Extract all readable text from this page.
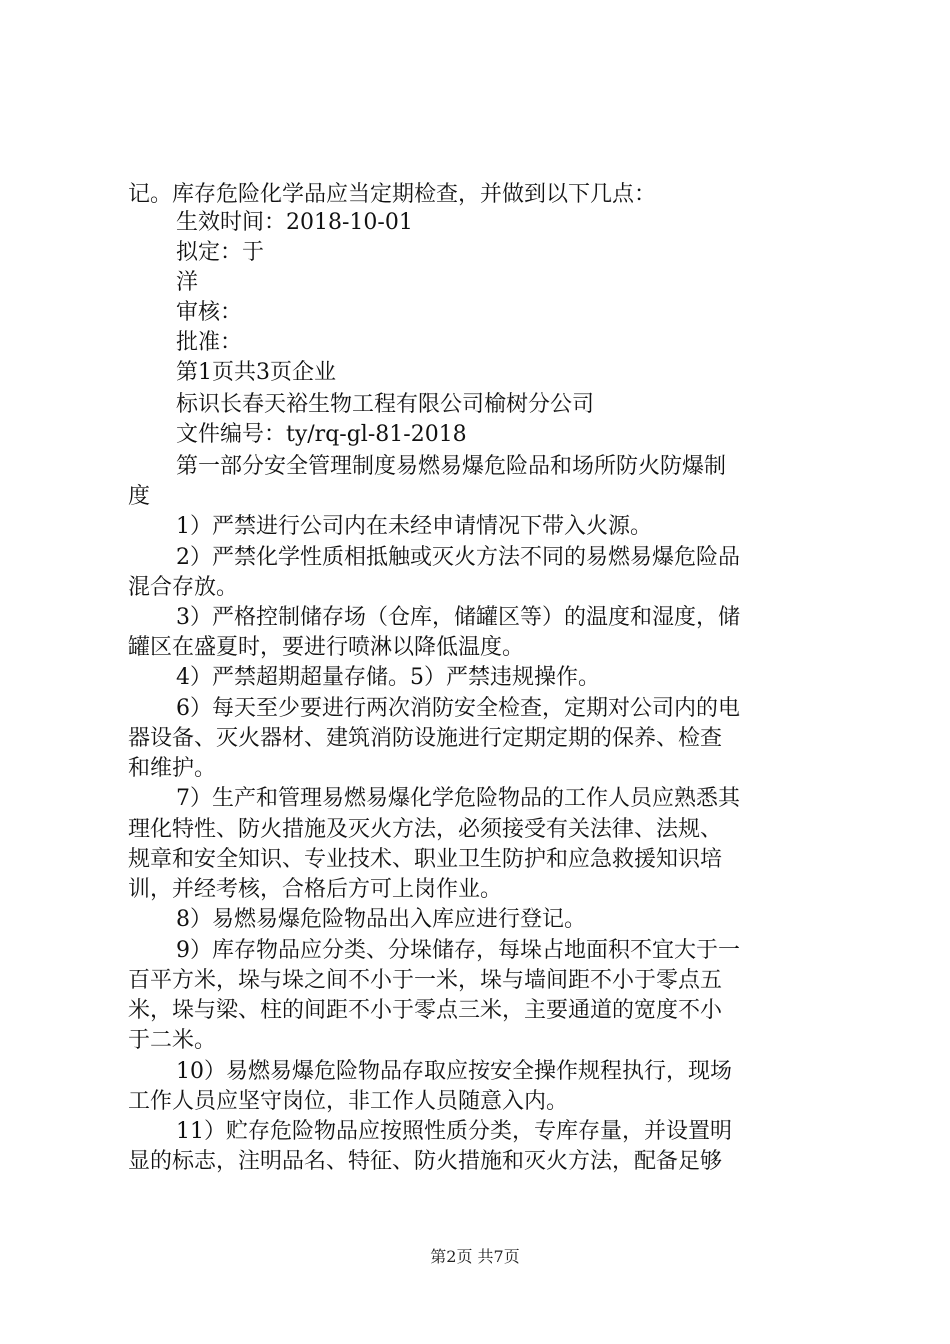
记。库存危险化学品应当定期检查，并做到以下几点：
生效时间：2018-10-01
拟定：于
洋
审核：
批准：
第1页共3页企业
标识长春天裕生物工程有限公司榆树分公司
文件编号：ty/rq-gl-81-2018
第一部分安全管理制度易燃易爆危险品和场所防火防爆制
度
1）严禁进行公司内在未经申请情况下带入火源。
2）严禁化学性质相抵触或灭火方法不同的易燃易爆危险品
混合存放。
3）严格控制储存场（仓库，储罐区等）的温度和湿度，储
罐区在盛夏时，要进行喷淋以降低温度。
4）严禁超期超量存储。5）严禁违规操作。
6）每天至少要进行两次消防安全检查，定期对公司内的电
器设备、灭火器材、建筑消防设施进行定期定期的保养、检查
和维护。
7）生产和管理易燃易爆化学危险物品的工作人员应熟悉其
理化特性、防火措施及灭火方法，必须接受有关法律、法规、
规章和安全知识、专业技术、职业卫生防护和应急救援知识培
训，并经考核，合格后方可上岗作业。
8）易燃易爆危险物品出入库应进行登记。
9）库存物品应分类、分垛储存，每垛占地面积不宜大于一
百平方米，垛与垛之间不小于一米，垛与墙间距不小于零点五
米，垛与梁、柱的间距不小于零点三米，主要通道的宽度不小
于二米。
10）易燃易爆危险物品存取应按安全操作规程执行，现场
工作人员应坚守岗位，非工作人员随意入内。
11）贮存危险物品应按照性质分类，专库存量，并设置明
显的标志，注明品名、特征、防火措施和灭火方法，配备足够
第2页 共7页
